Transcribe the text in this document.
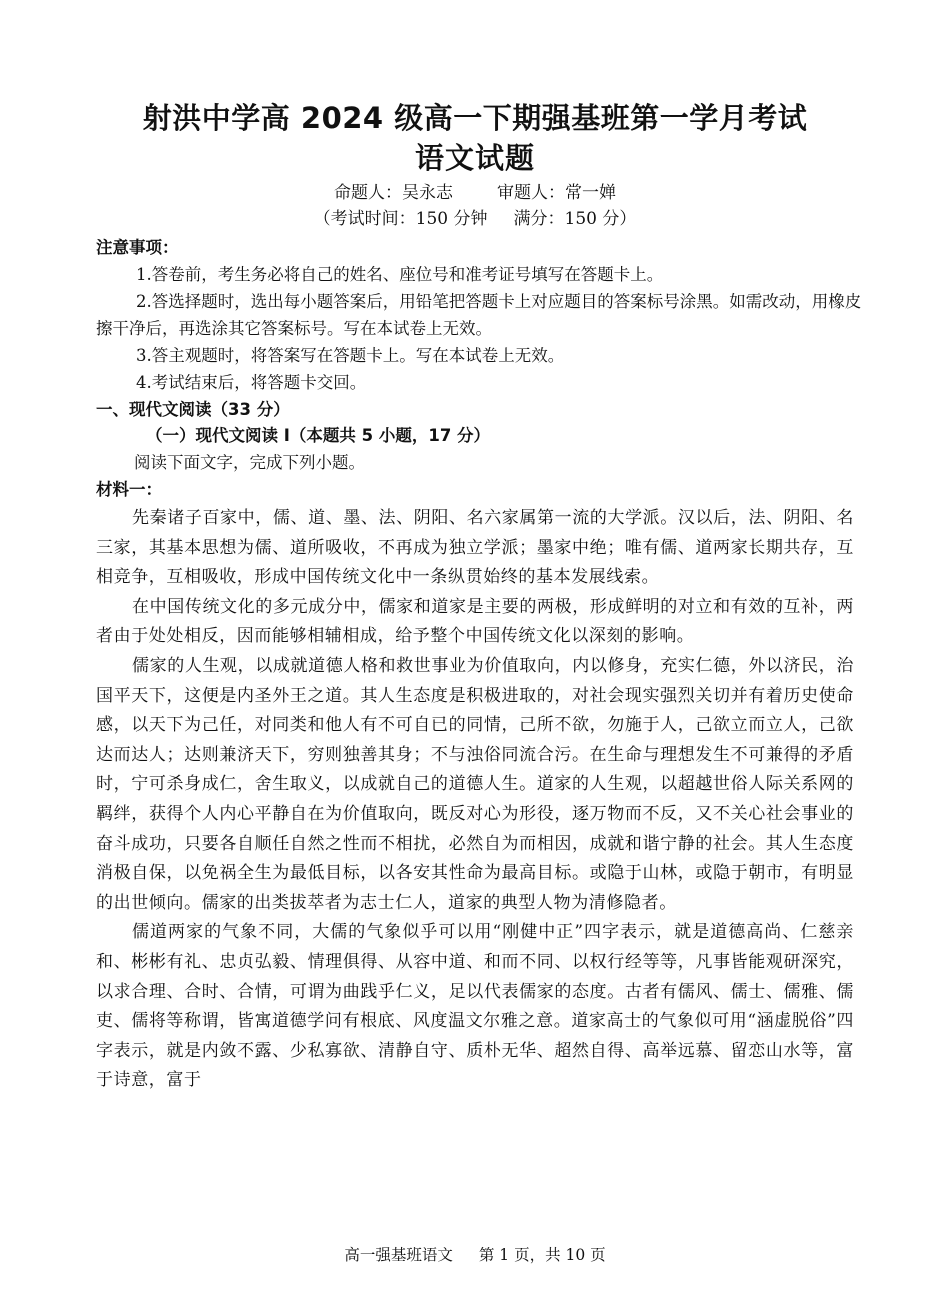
射洪中学高 2024 级高一下期强基班第一学月考试
语文试题
命题人：吴永志	审题人：常一婵
（考试时间：150 分钟 满分：150 分）

注意事项：

1.答卷前，考生务必将自己的姓名、座位号和准考证号填写在答题卡上。

2.答选择题时，选出每小题答案后，用铅笔把答题卡上对应题目的答案标号涂黑。如需改动，用橡皮擦干净后，再选涂其它答案标号。写在本试卷上无效。

3.答主观题时，将答案写在答题卡上。写在本试卷上无效。

4.考试结束后，将答题卡交回。

一、现代文阅读（33 分）
（一）现代文阅读 I（本题共 5 小题，17 分）
阅读下面文字，完成下列小题。
材料一：

先秦诸子百家中，儒、道、墨、法、阴阳、名六家属第一流的大学派。汉以后，法、阴阳、名三家，其基本思想为儒、道所吸收，不再成为独立学派；墨家中绝；唯有儒、道两家长期共存，互相竞争，互相吸收，形成中国传统文化中一条纵贯始终的基本发展线索。

在中国传统文化的多元成分中，儒家和道家是主要的两极，形成鲜明的对立和有效的互补，两者由于处处相反，因而能够相辅相成，给予整个中国传统文化以深刻的影响。

儒家的人生观，以成就道德人格和救世事业为价值取向，内以修身，充实仁德，外以济民，治国平天下，这便是内圣外王之道。其人生态度是积极进取的，对社会现实强烈关切并有着历史使命感，以天下为己任，对同类和他人有不可自已的同情，己所不欲，勿施于人，己欲立而立人，己欲达而达人；达则兼济天下，穷则独善其身；不与浊俗同流合污。在生命与理想发生不可兼得的矛盾时，宁可杀身成仁，舍生取义，以成就自己的道德人生。道家的人生观，以超越世俗人际关系网的羁绊，获得个人内心平静自在为价值取向，既反对心为形役，逐万物而不反，又不关心社会事业的奋斗成功，只要各自顺任自然之性而不相扰，必然自为而相因，成就和谐宁静的社会。其人生态度消极自保，以免祸全生为最低目标，以各安其性命为最高目标。或隐于山林，或隐于朝市，有明显的出世倾向。儒家的出类拔萃者为志士仁人，道家的典型人物为清修隐者。

儒道两家的气象不同，大儒的气象似乎可以用“刚健中正”四字表示，就是道德高尚、仁慈亲和、彬彬有礼、忠贞弘毅、情理俱得、从容中道、和而不同、以权行经等等，凡事皆能观研深究，以求合理、合时、合情，可谓为曲践乎仁义，足以代表儒家的态度。古者有儒风、儒士、儒雅、儒吏、儒将等称谓，皆寓道德学问有根底、风度温文尔雅之意。道家高士的气象似可用“涵虚脱俗”四字表示，就是内敛不露、少私寡欲、清静自守、质朴无华、超然自得、高举远慕、留恋山水等，富于诗意，富于

高一强基班语文 第 1 页，共 10 页
